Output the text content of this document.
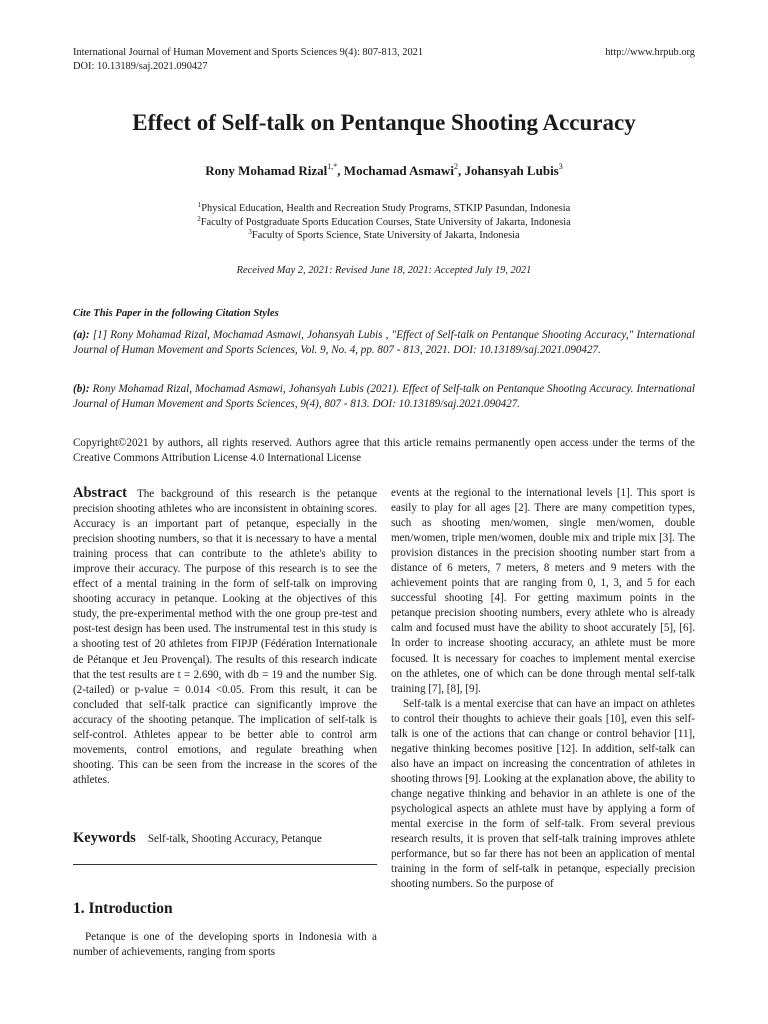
International Journal of Human Movement and Sports Sciences 9(4): 807-813, 2021
DOI: 10.13189/saj.2021.090427
http://www.hrpub.org
Effect of Self-talk on Pentanque Shooting Accuracy
Rony Mohamad Rizal$^{1,*}$, Mochamad Asmawi$^2$, Johansyah Lubis$^3$
$^1$Physical Education, Health and Recreation Study Programs, STKIP Pasundan, Indonesia
$^2$Faculty of Postgraduate Sports Education Courses, State University of Jakarta, Indonesia
$^3$Faculty of Sports Science, State University of Jakarta, Indonesia
Received May 2, 2021: Revised June 18, 2021: Accepted July 19, 2021
Cite This Paper in the following Citation Styles
(a): [1] Rony Mohamad Rizal, Mochamad Asmawi, Johansyah Lubis , "Effect of Self-talk on Pentanque Shooting Accuracy," International Journal of Human Movement and Sports Sciences, Vol. 9, No. 4, pp. 807 - 813, 2021. DOI: 10.13189/saj.2021.090427.
(b): Rony Mohamad Rizal, Mochamad Asmawi, Johansyah Lubis (2021). Effect of Self-talk on Pentanque Shooting Accuracy. International Journal of Human Movement and Sports Sciences, 9(4), 807 - 813. DOI: 10.13189/saj.2021.090427.
Copyright©2021 by authors, all rights reserved. Authors agree that this article remains permanently open access under the terms of the Creative Commons Attribution License 4.0 International License
Abstract The background of this research is the petanque precision shooting athletes who are inconsistent in obtaining scores. Accuracy is an important part of petanque, especially in the precision shooting numbers, so that it is necessary to have a mental training process that can contribute to the athlete's ability to improve their accuracy. The purpose of this research is to see the effect of a mental training in the form of self-talk on improving shooting accuracy in petanque. Looking at the objectives of this study, the pre-experimental method with the one group pre-test and post-test design has been used. The instrumental test in this study is a shooting test of 20 athletes from FIPJP (Fédération Internationale de Pétanque et Jeu Provençal). The results of this research indicate that the test results are t = 2.690, with db = 19 and the number Sig. (2-tailed) or p-value = 0.014 <0.05. From this result, it can be concluded that self-talk practice can significantly improve the accuracy of the shooting petanque. The implication of self-talk is self-control. Athletes appear to be better able to control arm movements, control emotions, and regulate breathing when shooting. This can be seen from the increase in the scores of the athletes.
Keywords Self-talk, Shooting Accuracy, Petanque
1. Introduction
Petanque is one of the developing sports in Indonesia with a number of achievements, ranging from sports

events at the regional to the international levels [1]. This sport is easily to play for all ages [2]. There are many competition types, such as shooting men/women, single men/women, double men/women, triple men/women, double mix and triple mix [3]. The provision distances in the precision shooting number start from a distance of 6 meters, 7 meters, 8 meters and 9 meters with the achievement points that are ranging from 0, 1, 3, and 5 for each successful shooting [4]. For getting maximum points in the petanque precision shooting numbers, every athlete who is already calm and focused must have the ability to shoot accurately [5], [6]. In order to increase shooting accuracy, an athlete must be more focused. It is necessary for coaches to implement mental exercise on the athletes, one of which can be done through mental self-talk training [7], [8], [9].

Self-talk is a mental exercise that can have an impact on athletes to control their thoughts to achieve their goals [10], even this self-talk is one of the actions that can change or control behavior [11], negative thinking becomes positive [12]. In addition, self-talk can also have an impact on increasing the concentration of athletes in shooting throws [9]. Looking at the explanation above, the ability to change negative thinking and behavior in an athlete is one of the psychological aspects an athlete must have by applying a form of mental exercise in the form of self-talk. From several previous research results, it is proven that self-talk training improves athlete performance, but so far there has not been an application of mental training in the form of self-talk in petanque, especially precision shooting numbers. So the purpose of
